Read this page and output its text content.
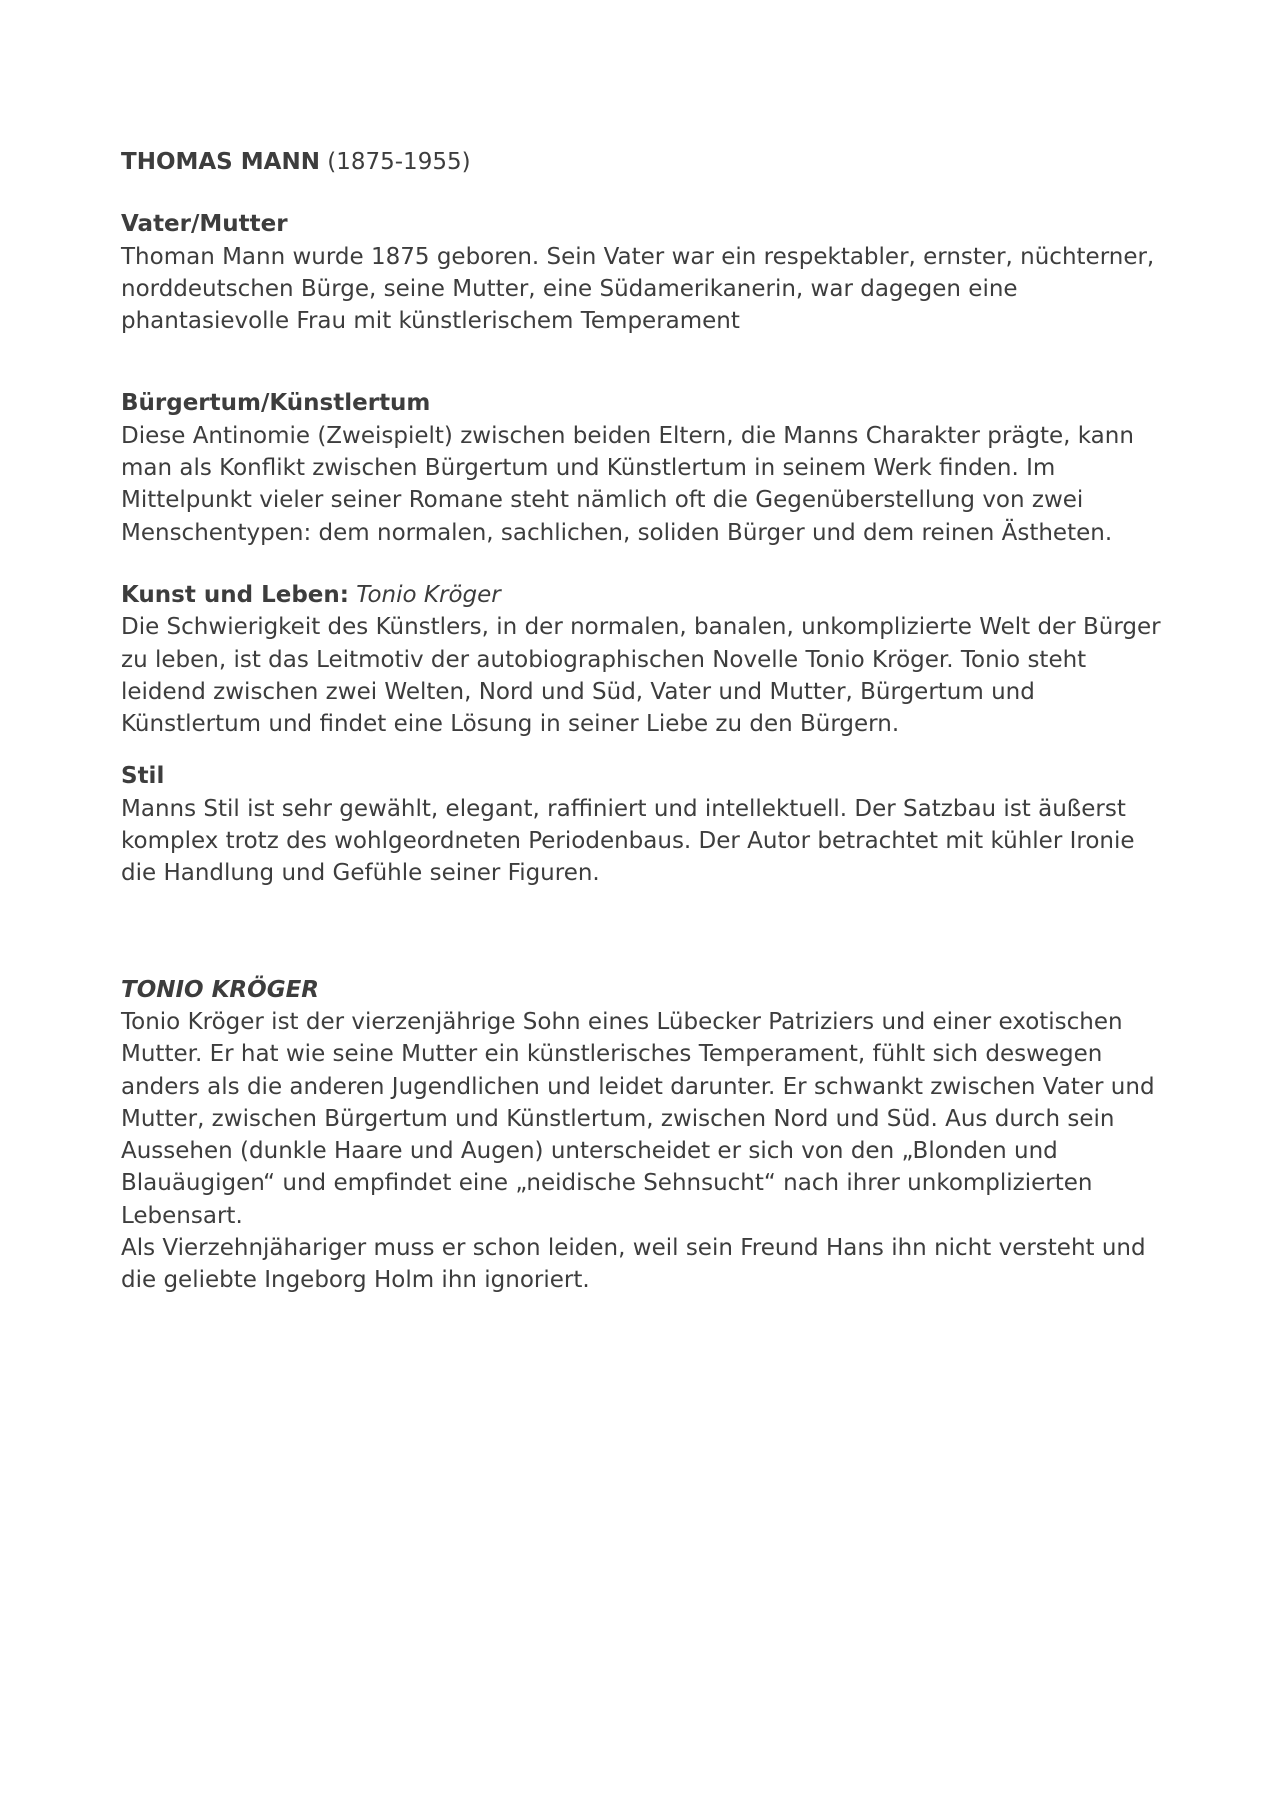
THOMAS MANN (1875-1955)
Vater/Mutter

Thoman Mann wurde 1875 geboren. Sein Vater war ein respektabler, ernster, nüchterner, norddeutschen Bürge, seine Mutter, eine Südamerikanerin, war dagegen eine phantasievolle Frau mit künstlerischem Temperament

Bürgertum/Künstlertum

Diese Antinomie (Zweispielt) zwischen beiden Eltern, die Manns Charakter prägte, kann man als Konflikt zwischen Bürgertum und Künstlertum in seinem Werk finden. Im Mittelpunkt vieler seiner Romane steht nämlich oft die Gegenüberstellung von zwei Menschentypen: dem normalen, sachlichen, soliden Bürger und dem reinen Ästheten.

Kunst und Leben: Tonio Kröger

Die Schwierigkeit des Künstlers, in der normalen, banalen, unkomplizierte Welt der Bürger zu leben, ist das Leitmotiv der autobiographischen Novelle Tonio Kröger. Tonio steht leidend zwischen zwei Welten, Nord und Süd, Vater und Mutter, Bürgertum und Künstlertum und findet eine Lösung in seiner Liebe zu den Bürgern.

Stil

Manns Stil ist sehr gewählt, elegant, raffiniert und intellektuell. Der Satzbau ist äußerst komplex trotz des wohlgeordneten Periodenbaus. Der Autor betrachtet mit kühler Ironie die Handlung und Gefühle seiner Figuren.

TONIO KRÖGER

Tonio Kröger ist der vierzenjährige Sohn eines Lübecker Patriziers und einer exotischen Mutter. Er hat wie seine Mutter ein künstlerisches Temperament, fühlt sich deswegen anders als die anderen Jugendlichen und leidet darunter. Er schwankt zwischen Vater und Mutter, zwischen Bürgertum und Künstlertum, zwischen Nord und Süd. Aus durch sein Aussehen (dunkle Haare und Augen) unterscheidet er sich von den „Blonden und Blauäugigen“ und empfindet eine „neidische Sehnsucht“ nach ihrer unkomplizierten Lebensart.

Als Vierzehnjähariger muss er schon leiden, weil sein Freund Hans ihn nicht versteht und die geliebte Ingeborg Holm ihn ignoriert.
